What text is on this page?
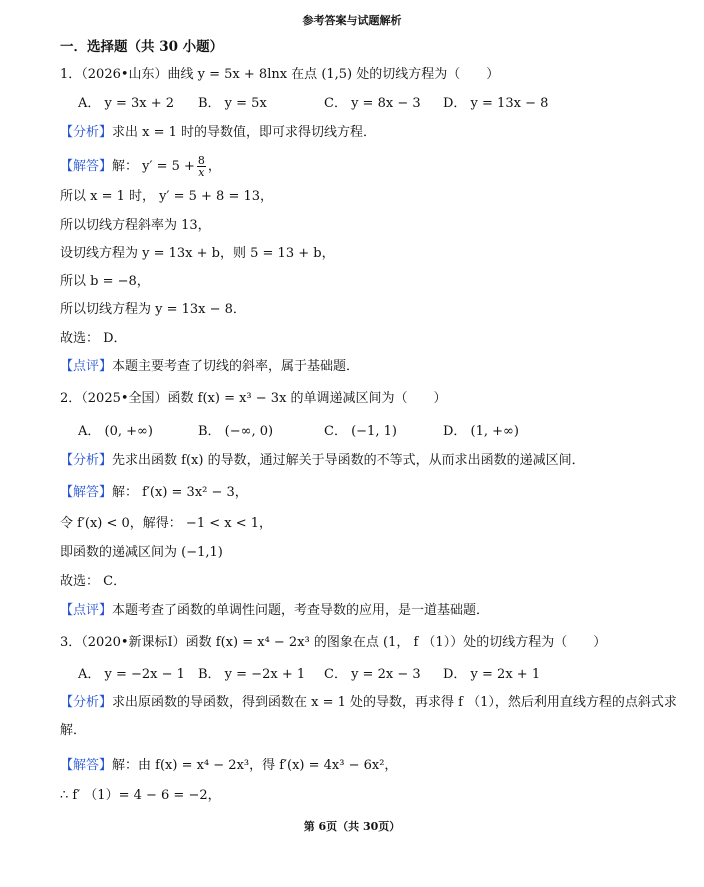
参考答案与试题解析
一．选择题（共 30 小题）
1．（2026•山东）曲线 y = 5x + 8lnx 在点 (1,5) 处的切线方程为（　　）
A． y = 3x + 2 B． y = 5x	C． y = 8x − 3 D． y = 13x − 8
【分析】求出 x = 1 时的导数值，即可求得切线方程．
【解答】解： $y' = 5 + \frac{8}{x}$ ，
所以 x = 1 时， y′ = 5 + 8 = 13，
所以切线方程斜率为 13，
设切线方程为 y = 13x + b，则 5 = 13 + b，
所以 b = −8，
所以切线方程为 y = 13x − 8．
故选： D．
【点评】本题主要考查了切线的斜率，属于基础题．
2．（2025•全国）函数 f(x) = x³ − 3x 的单调递减区间为（　　）
A． (0, +∞)	B． (−∞, 0)	C． (−1, 1)	D． (1, +∞)
【分析】先求出函数 f(x) 的导数，通过解关于导函数的不等式，从而求出函数的递减区间．
【解答】解： f′(x) = 3x² − 3，
令 f′(x) < 0，解得： −1 < x < 1，
即函数的递减区间为 (−1,1)
故选： C．
【点评】本题考查了函数的单调性问题，考查导数的应用，是一道基础题．
3．（2020•新课标Ⅰ）函数 f(x) = x⁴ − 2x³ 的图象在点 (1， f （1））处的切线方程为（　　）
A． y = −2x − 1 B． y = −2x + 1 C． y = 2x − 3 D． y = 2x + 1
【分析】求出原函数的导函数，得到函数在 x = 1 处的导数，再求得 f （1），然后利用直线方程的点斜式求
解．
【解答】解：由 f(x) = x⁴ − 2x³，得 f′(x) = 4x³ − 6x²，
∴ f′ （1）= 4 − 6 = −2，
第 6页（共 30页）
